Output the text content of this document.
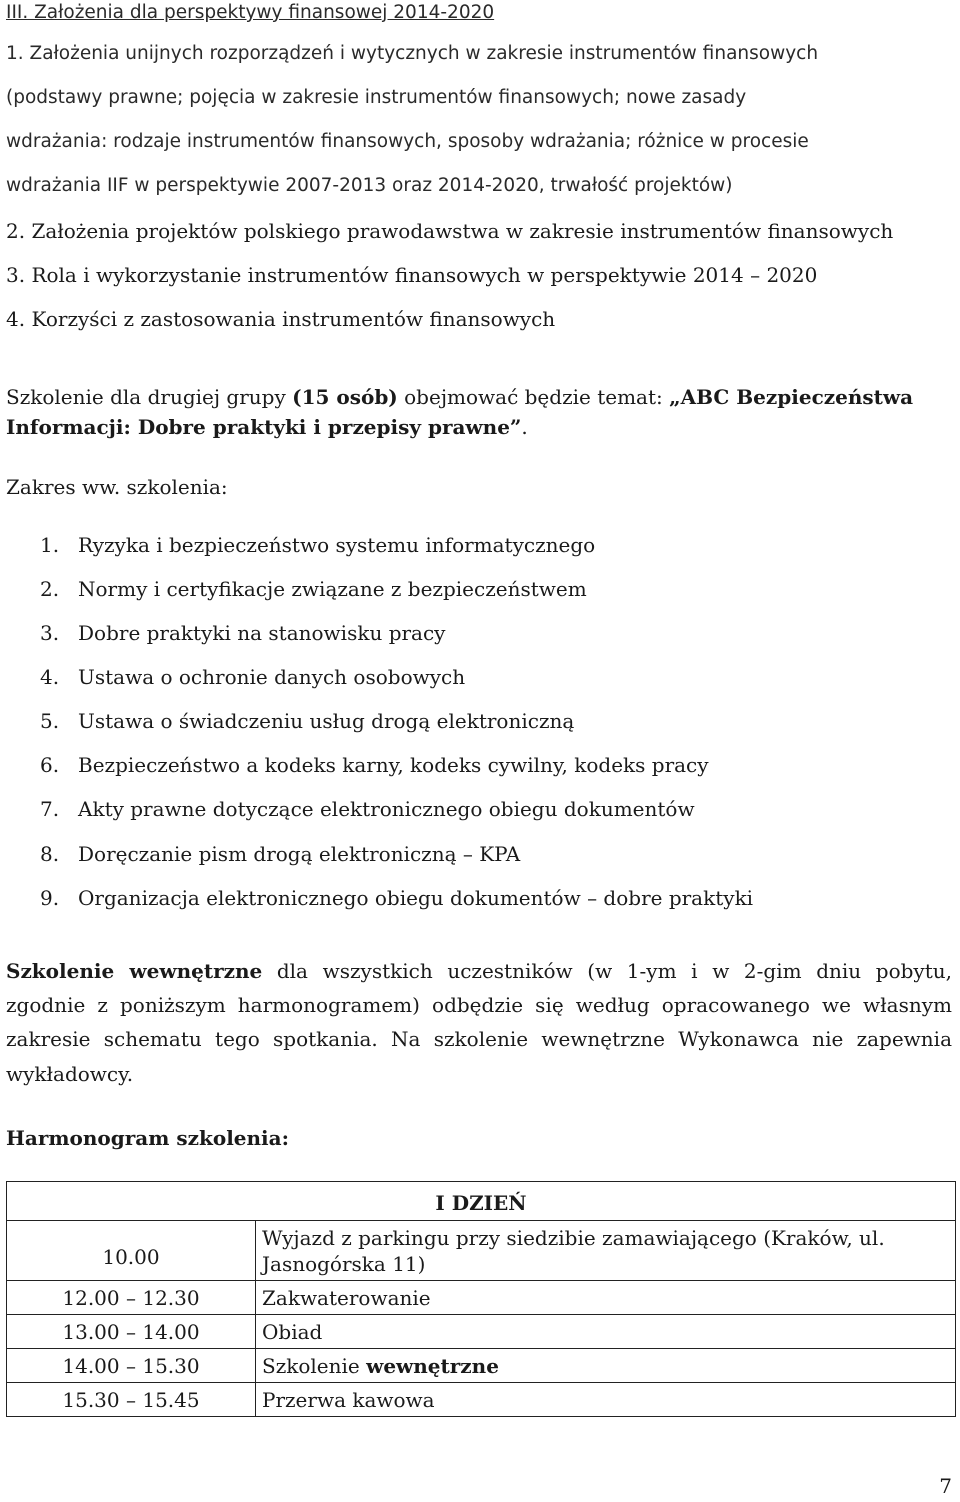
III. Założenia dla perspektywy finansowej 2014-2020
1. Założenia unijnych rozporządzeń i wytycznych w zakresie instrumentów finansowych
(podstawy prawne; pojęcia w zakresie instrumentów finansowych; nowe zasady
wdrażania: rodzaje instrumentów finansowych, sposoby wdrażania; różnice w procesie
wdrażania IIF w perspektywie 2007-2013 oraz 2014-2020, trwałość projektów)
2. Założenia projektów polskiego prawodawstwa w zakresie instrumentów finansowych
3. Rola i wykorzystanie instrumentów finansowych w perspektywie 2014 – 2020
4. Korzyści z zastosowania instrumentów finansowych
Szkolenie dla drugiej grupy (15 osób) obejmować będzie temat: „ABC Bezpieczeństwa
Informacji: Dobre praktyki i przepisy prawne”.
Zakres ww. szkolenia:
1. Ryzyka i bezpieczeństwo systemu informatycznego
2. Normy i certyfikacje związane z bezpieczeństwem
3. Dobre praktyki na stanowisku pracy
4. Ustawa o ochronie danych osobowych
5. Ustawa o świadczeniu usług drogą elektroniczną
6. Bezpieczeństwo a kodeks karny, kodeks cywilny, kodeks pracy
7. Akty prawne dotyczące elektronicznego obiegu dokumentów
8. Doręczanie pism drogą elektroniczną – KPA
9. Organizacja elektronicznego obiegu dokumentów – dobre praktyki
Szkolenie wewnętrzne dla wszystkich uczestników (w 1-ym i w 2-gim dniu pobytu,
zgodnie z poniższym harmonogramem) odbędzie się według opracowanego we własnym
zakresie schematu tego spotkania. Na szkolenie wewnętrzne Wykonawca nie zapewnia
wykładowcy.
Harmonogram szkolenia:
I DZIEŃ	
10.00	Wyjazd z parkingu przy siedzibie zamawiającego (Kraków, ul.
Jasnogórska 11)

12.00 – 12.30	Zakwaterowanie
13.00 – 14.00	Obiad
14.00 – 15.30	Szkolenie wewnętrzne
15.30 – 15.45	Przerwa kawowa
7
